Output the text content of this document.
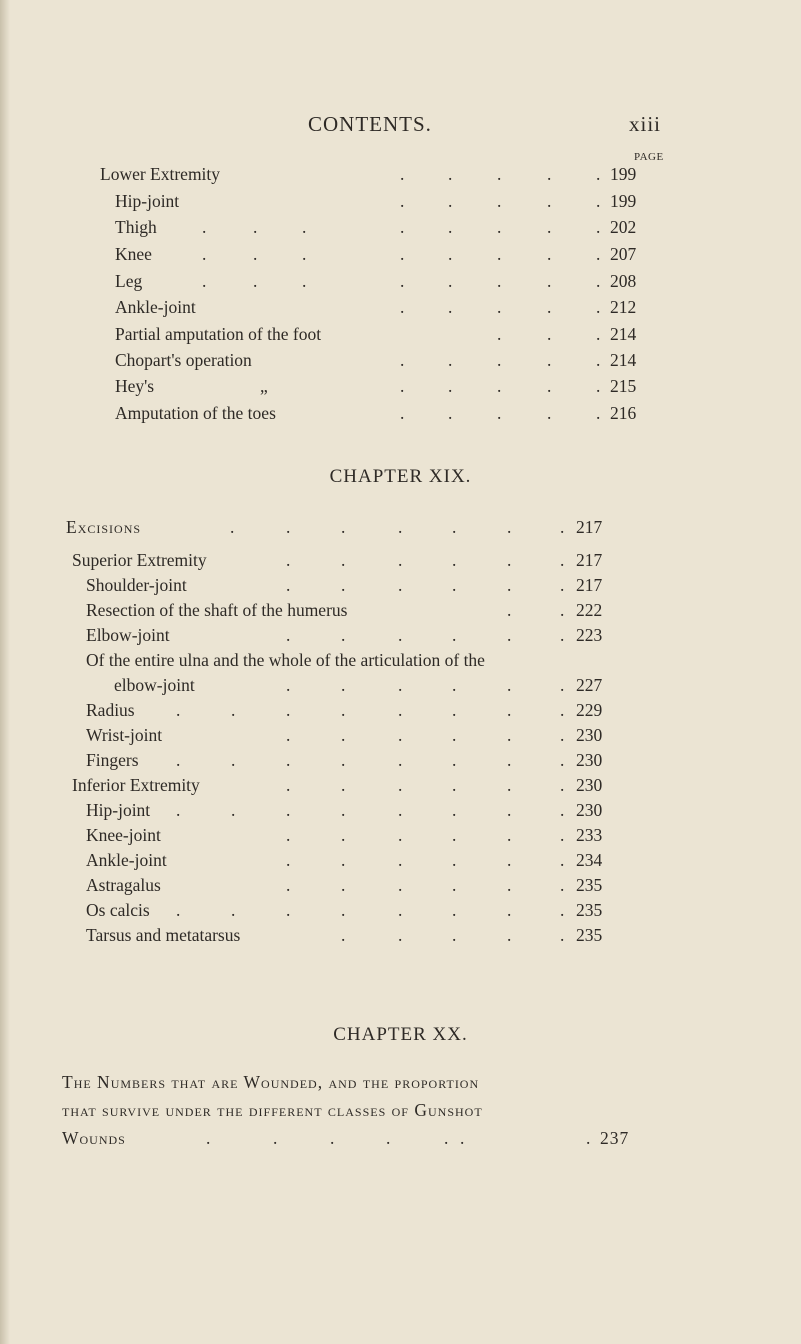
CONTENTS.	xiii
PAGE
Lower Extremity	. .	.	.	. 199
Hip-joint	. .	.	.	. 199
Thigh	.	.	.	. .	.	.	. 202
Knee	.	.	.	. .	.	.	. 207
Leg	.	.	.	. .	.	.	. 208
Ankle-joint	. .	.	.	. 212
Partial amputation of the foot	.	.	. 214
Chopart's operation	. .	.	.	. 214
Hey's	„	. .	.	.	. 215
Amputation of the toes	. .	.	.	. 216
CHAPTER XIX.
Excisions	.	.	.	.	.	.	. 217
Superior Extremity	.	.	.	.	.	. 217
Shoulder-joint	.	.	.	.	.	. 217
Resection of the shaft of the humerus	.	. 222
Elbow-joint	.	.	.	.	.	. 223
Of the entire ulna and the whole of the articulation of the
elbow-joint	.	.	.	.	.	. 227
Radius .	.	.	.	.	.	.	. 229
Wrist-joint	.	.	.	.	.	. 230
Fingers .	.	.	.	.	.	.	. 230
Inferior Extremity	.	.	.	.	.	. 230
Hip-joint .	.	.	.	.	.	.	. 230
Knee-joint	.	.	.	.	.	. 233
Ankle-joint	.	.	.	.	.	. 234
Astragalus	.	.	.	.	.	. 235
Os calcis .	.	.	.	.	.	.	. 235
Tarsus and metatarsus	.	.	.	.	. 235
CHAPTER XX.
The Numbers that are Wounded, and the proportion
that survive under the different classes of Gunshot
Wounds	.	.	.	.	. .	. 237
